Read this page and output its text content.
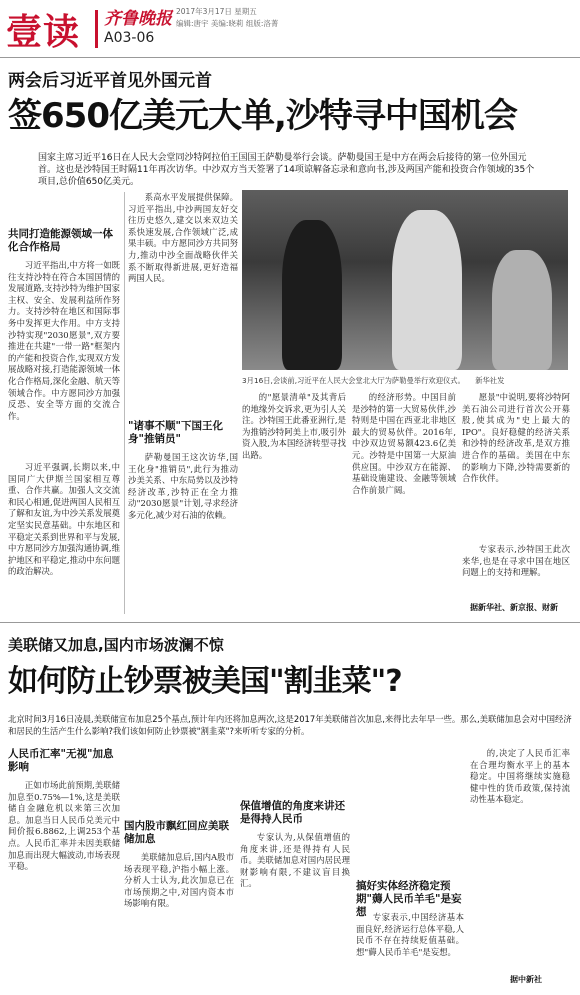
壹读 齐鲁晚报 2017年3月17日 星期五
编辑:唐宇 美编:晓莉 组版:洛菁
A03-06
两会后习近平首见外国元首
签650亿美元大单,沙特寻中国机会
国家主席习近平16日在人民大会堂同沙特阿拉伯王国国王萨勒曼举行会谈。萨勒曼国王是中方在两会后接待的第一位外国元首。这也是沙特国王时隔11年再次访华。中沙双方当天签署了14项谅解备忘录和意向书,涉及两国产能和投资合作领域的35个项目,总价值650亿美元。
共同打造能源领域一体化合作格局

习近平指出,中方将一如既往支持沙特在符合本国国情的发展道路,支持沙特为维护国家主权、安全、发展利益所作努力。支持沙特在地区和国际事务中发挥更大作用。中方支持沙特实现"2030愿景",双方要推进在共建"一带一路"框架内的产能和投资合作,实现双方发展战略对接,打造能源领域一体化合作格局,深化金融、航天等领域合作。中方愿同沙方加强反恐、安全等方面的交流合作。

习近平强调,长期以来,中国同广大伊斯兰国家相互尊重、合作共赢。加强人文交流和民心相通,促进两国人民相互了解和友谊,为中沙关系发展奠定坚实民意基础。中东地区和平稳定关系到世界和平与发展,中方愿同沙方加强沟通协调,维护地区和平稳定,推动中东问题的政治解决。

系高水平发展提供保障。习近平指出,中沙两国友好交往历史悠久,建交以来双边关系快速发展,合作领域广泛,成果丰硕。中方愿同沙方共同努力,推动中沙全面战略伙伴关系不断取得新进展,更好造福两国人民。

"诸事不顺"下国王化身"推销员"

萨勒曼国王这次访华,国王化身"推销员",此行为推动沙美关系、中东局势以及沙特经济改革,沙特正在全力推动"2030愿景"计划,寻求经济多元化,减少对石油的依赖。

3月16日,会谈前,习近平在人民大会堂北大厅为萨勒曼举行欢迎仪式。 新华社发

的"愿景清单"及其背后的地缘外交诉求,更为引人关注。沙特国王此番亚洲行,是为推销沙特阿美上市,吸引外资入股,为本国经济转型寻找出路。

的经济形势。中国目前是沙特的第一大贸易伙伴,沙特则是中国在西亚北非地区最大的贸易伙伴。2016年,中沙双边贸易额423.6亿美元。沙特是中国第一大原油供应国。中沙双方在能源、基础设施建设、金融等领域合作前景广阔。

愿景"中说明,要将沙特阿美石油公司进行首次公开募股,使其成为"史上最大的IPO"。良好稳健的经济关系和沙特的经济改革,是双方推进合作的基础。美国在中东的影响力下降,沙特需要新的合作伙伴。

专家表示,沙特国王此次来华,也是在寻求中国在地区问题上的支持和理解。

据新华社、新京报、财新
美联储又加息,国内市场波澜不惊
如何防止钞票被美国"割韭菜"?
北京时间3月16日凌晨,美联储宣布加息25个基点,预计年内还将加息两次,这是2017年美联储首次加息,来得比去年早一些。那么,美联储加息会对中国经济和居民的生活产生什么影响?我们该如何防止钞票被"割韭菜"?来听听专家的分析。
人民币汇率"无视"加息影响

正如市场此前预期,美联储加息至0.75%—1%,这是美联储自金融危机以来第三次加息。加息当日人民币兑美元中间价报6.8862,上调253个基点。人民币汇率并未因美联储加息而出现大幅波动,市场表现平稳。

国内股市飘红回应美联储加息

美联储加息后,国内A股市场表现平稳,沪指小幅上涨。分析人士认为,此次加息已在市场预期之中,对国内资本市场影响有限。

保值增值的角度来讲还是得持人民币

专家认为,从保值增值的角度来讲,还是得持有人民币。美联储加息对国内居民理财影响有限,不建议盲目换汇。	搞好实体经济稳定预期"薅人民币羊毛"是妄想 专家表示,中国经济基本面良好,经济运行总体平稳,人民币不存在持续贬值基础。想"薅人民币羊毛"是妄想。

的,决定了人民币汇率在合理均衡水平上的基本稳定。中国将继续实施稳健中性的货币政策,保持流动性基本稳定。

据中新社
